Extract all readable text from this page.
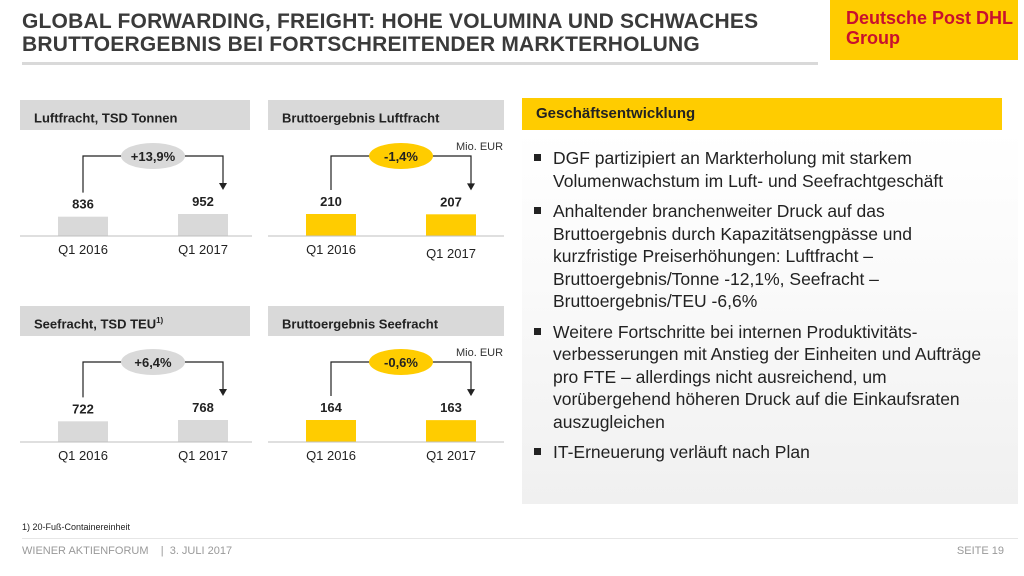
GLOBAL FORWARDING, FREIGHT: HOHE VOLUMINA UND SCHWACHES
BRUTTOERGEBNIS BEI FORTSCHREITENDER MARKTERHOLUNG
Deutsche Post DHL
Group
Luftfracht, TSD Tonnen	Bruttoergebnis Luftfracht
Seefracht, TSD TEU$^{1)}$	Bruttoergebnis Seefracht
Mio. EUR
Mio. EUR
836
Q1 2016
952
Q1 2017
+13,9%
210
Q1 2016
207
Q1 2017
-1,4%
722
Q1 2016
768
Q1 2017
+6,4%
164
Q1 2016
163
Q1 2017
-0,6%
Geschäftsentwicklung
DGF partizipiert an Markterholung mit starkem Volumenwachstum im Luft- und Seefrachtgeschäft
Anhaltender branchenweiter Druck auf das Bruttoergebnis durch Kapazitätsengpässe und kurzfristige Preiserhöhungen: Luftfracht – Bruttoergebnis/Tonne -12,1%, Seefracht – Bruttoergebnis/TEU -6,6%
Weitere Fortschritte bei internen Produktivitäts-verbesserungen mit Anstieg der Einheiten und Aufträge pro FTE – allerdings nicht ausreichend, um vorübergehend höheren Druck auf die Einkaufsraten auszugleichen
IT-Erneuerung verläuft nach Plan
1) 20-Fuß-Containereinheit
WIENER AKTIENFORUM    |  3. JULI 2017	SEITE 19
